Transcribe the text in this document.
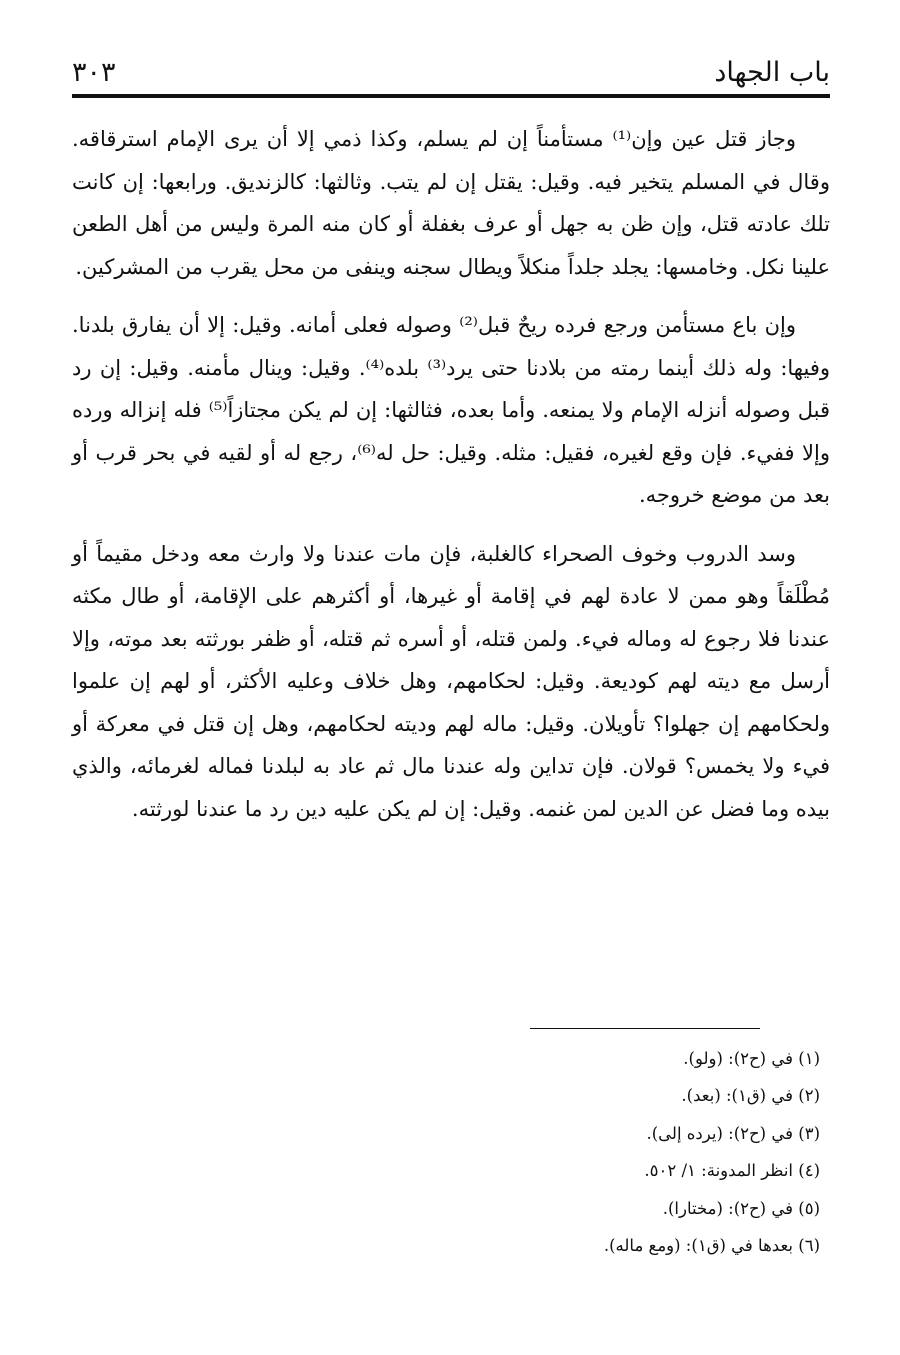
باب الجهاد
٣٠٣

وجاز قتل عين وإن⁽¹⁾ مستأمناً إن لم يسلم، وكذا ذمي إلا أن يرى الإمام استرقاقه. وقال في المسلم يتخير فيه. وقيل: يقتل إن لم يتب. وثالثها: كالزنديق. ورابعها: إن كانت تلك عادته قتل، وإن ظن به جهل أو عرف بغفلة أو كان منه المرة وليس من أهل الطعن علينا نكل. وخامسها: يجلد جلداً منكلاً ويطال سجنه وينفى من محل يقرب من المشركين.

وإن باع مستأمن ورجع فرده ريحٌ قبل⁽²⁾ وصوله فعلى أمانه. وقيل: إلا أن يفارق بلدنا. وفيها: وله ذلك أينما رمته من بلادنا حتى يرد⁽³⁾ بلده⁽⁴⁾. وقيل: وينال مأمنه. وقيل: إن رد قبل وصوله أنزله الإمام ولا يمنعه. وأما بعده، فثالثها: إن لم يكن مجتازاً⁽⁵⁾ فله إنزاله ورده وإلا ففيء. فإن وقع لغيره، فقيل: مثله. وقيل: حل له⁽⁶⁾، رجع له أو لقيه في بحر قرب أو بعد من موضع خروجه.

وسد الدروب وخوف الصحراء كالغلبة، فإن مات عندنا ولا وارث معه ودخل مقيماً أو مُطْلَقاً وهو ممن لا عادة لهم في إقامة أو غيرها، أو أكثرهم على الإقامة، أو طال مكثه عندنا فلا رجوع له وماله فيء. ولمن قتله، أو أسره ثم قتله، أو ظفر بورثته بعد موته، وإلا أرسل مع ديته لهم كوديعة. وقيل: لحكامهم، وهل خلاف وعليه الأكثر، أو لهم إن علموا ولحكامهم إن جهلوا؟ تأويلان. وقيل: ماله لهم وديته لحكامهم، وهل إن قتل في معركة أو فيء ولا يخمس؟ قولان. فإن تداين وله عندنا مال ثم عاد به لبلدنا فماله لغرمائه، والذي بيده وما فضل عن الدين لمن غنمه. وقيل: إن لم يكن عليه دين رد ما عندنا لورثته.

(١) في (ح٢): (ولو).
(٢) في (ق١): (بعد).
(٣) في (ح٢): (يرده إلى).
(٤) انظر المدونة: ١/ ٥٠٢.
(٥) في (ح٢): (مختارا).
(٦) بعدها في (ق١): (ومع ماله).
